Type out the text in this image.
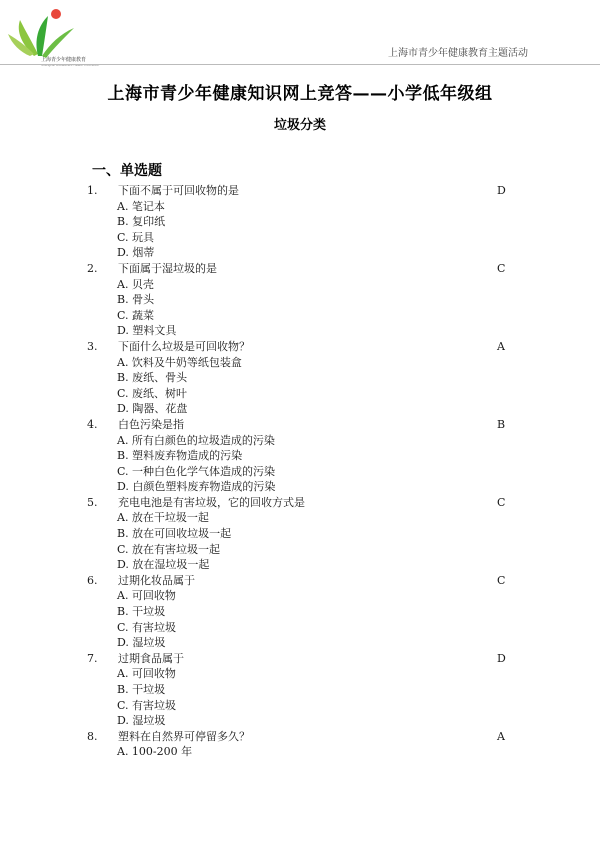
上海青少年健康教育
Shanghai Adolescent Health Education
上海市青少年健康教育主题活动
上海市青少年健康知识网上竞答——小学低年级组
垃圾分类
一、单选题
1. 下面不属于可回收物的是	D
A. 笔记本
B. 复印纸
C. 玩具
D. 烟蒂
2. 下面属于湿垃圾的是	C
A. 贝壳
B. 骨头
C. 蔬菜
D. 塑料文具
3. 下面什么垃圾是可回收物？	A
A. 饮料及牛奶等纸包装盒
B. 废纸、骨头
C. 废纸、树叶
D. 陶器、花盘
4. 白色污染是指	B
A. 所有白颜色的垃圾造成的污染
B. 塑料废弃物造成的污染
C. 一种白色化学气体造成的污染
D. 白颜色塑料废弃物造成的污染
5. 充电电池是有害垃圾，它的回收方式是	C
A. 放在干垃圾一起
B. 放在可回收垃圾一起
C. 放在有害垃圾一起
D. 放在湿垃圾一起
6. 过期化妆品属于	C
A. 可回收物
B. 干垃圾
C. 有害垃圾
D. 湿垃圾
7. 过期食品属于	D
A. 可回收物
B. 干垃圾
C. 有害垃圾
D. 湿垃圾
8. 塑料在自然界可停留多久？	A
A. 100-200 年
